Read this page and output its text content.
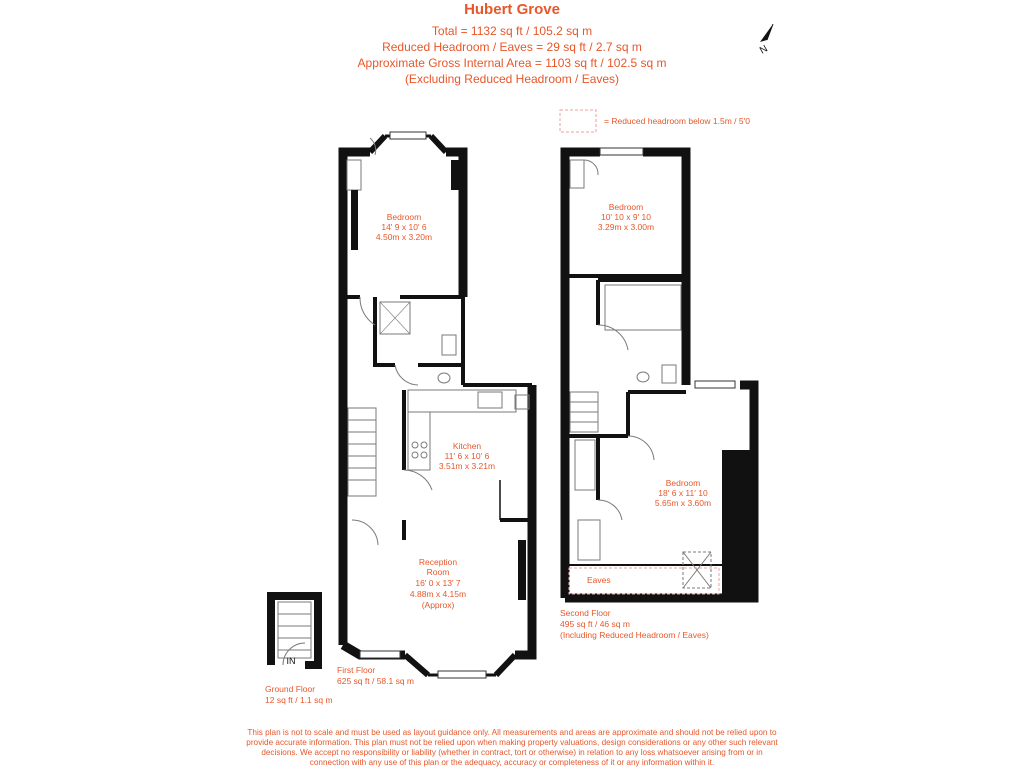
Hubert Grove
Total = 1132 sq ft / 105.2 sq m
Reduced Headroom / Eaves = 29 sq ft / 2.7 sq m
Approximate Gross Internal Area = 1103 sq ft / 102.5 sq m
(Excluding Reduced Headroom / Eaves)
N
= Reduced headroom below 1.5m / 5'0
Bedroom
14' 9 x 10' 6
4.50m x 3.20m
Kitchen
11' 6 x 10' 6
3.51m x 3.21m
Reception
Room
16' 0 x 13' 7
4.88m x 4.15m
(Approx)
First Floor
625 sq ft / 58.1 sq m
IN
Ground Floor
12 sq ft / 1.1 sq m
Bedroom
10' 10 x 9' 10
3.29m x 3.00m
Bedroom
18' 6 x 11' 10
5.65m x 3.60m
Eaves
Second Floor
495 sq ft / 46 sq m
(Including Reduced Headroom / Eaves)
This plan is not to scale and must be used as layout guidance only. All measurements and areas are approximate and should not be relied upon to
provide accurate information. This plan must not be relied upon when making property valuations, design considerations or any other such relevant
decisions. We accept no responsibility or liability (whether in contract, tort or otherwise) in relation to any loss whatsoever arising from or in
connection with any use of this plan or the adequacy, accuracy or completeness of it or any information within it.
